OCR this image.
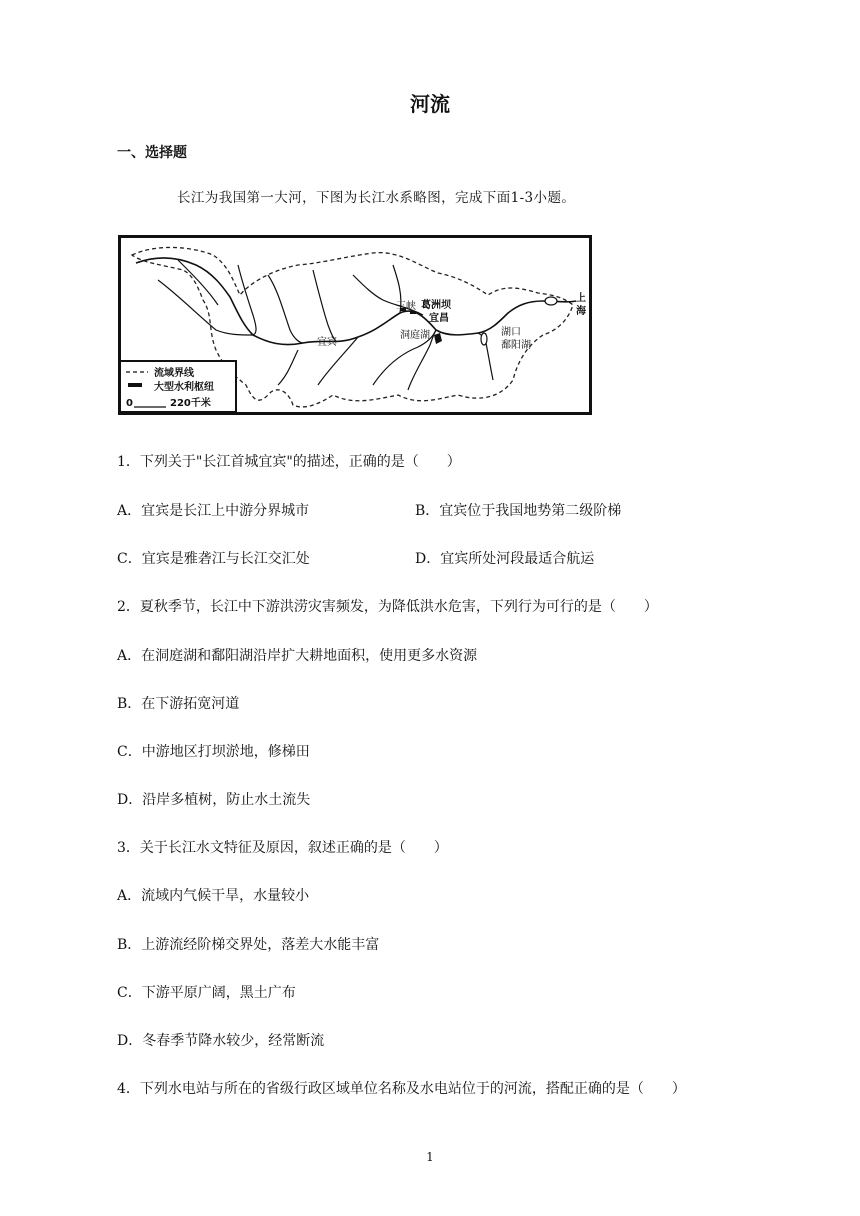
河流
一、选择题
长江为我国第一大河，下图为长江水系略图，完成下面1-3小题。
宜宾
三峡 葛洲坝
宜昌
洞庭湖	湖口
鄱阳湖
上
海
流域界线
大型水利枢纽
0	220千米
1．下列关于"长江首城宜宾"的描述，正确的是（　　）
A．宜宾是长江上中游分界城市	B．宜宾位于我国地势第二级阶梯
C．宜宾是雅砻江与长江交汇处	D．宜宾所处河段最适合航运
2．夏秋季节，长江中下游洪涝灾害频发，为降低洪水危害，下列行为可行的是（　　）
A．在洞庭湖和鄱阳湖沿岸扩大耕地面积，使用更多水资源
B．在下游拓宽河道
C．中游地区打坝淤地，修梯田
D．沿岸多植树，防止水土流失
3．关于长江水文特征及原因，叙述正确的是（　　）
A．流域内气候干旱，水量较小
B．上游流经阶梯交界处，落差大水能丰富
C．下游平原广阔，黑土广布
D．冬春季节降水较少，经常断流
4．下列水电站与所在的省级行政区域单位名称及水电站位于的河流，搭配正确的是（　　）
1
